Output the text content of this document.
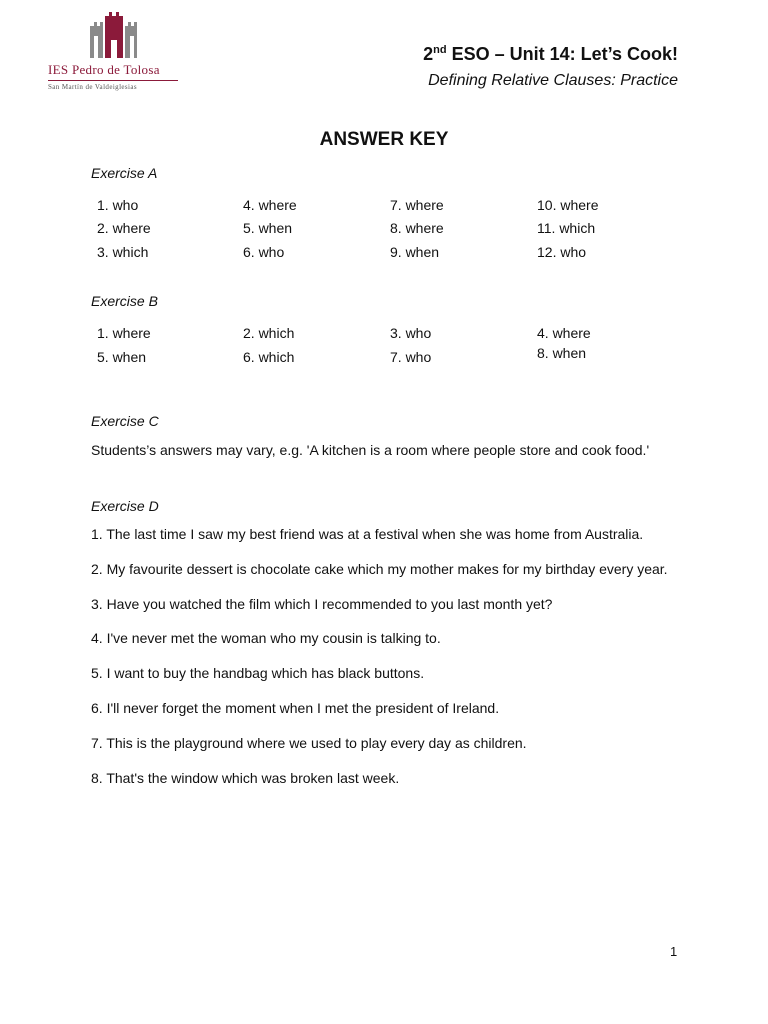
IES Pedro de Tolosa
San Martín de Valdeiglesias
2nd ESO – Unit 14: Let’s Cook!
Defining Relative Clauses: Practice
ANSWER KEY
Exercise A
1. who	4. where	7. where	10. where
2. where	5. when	8. where	11. which
3. which	6. who	9. when	12. who
Exercise B
1. where	2. which	3. who	4. where
5. when	6. which	7. who	8. when
Exercise C
Students’s answers may vary, e.g. 'A kitchen is a room where people store and cook food.'
Exercise D
1. The last time I saw my best friend was at a festival when she was home from Australia.
2. My favourite dessert is chocolate cake which my mother makes for my birthday every year.
3. Have you watched the film which I recommended to you last month yet?
4. I've never met the woman who my cousin is talking to.
5. I want to buy the handbag which has black buttons.
6. I'll never forget the moment when I met the president of Ireland.
7. This is the playground where we used to play every day as children.
8. That's the window which was broken last week.
1
